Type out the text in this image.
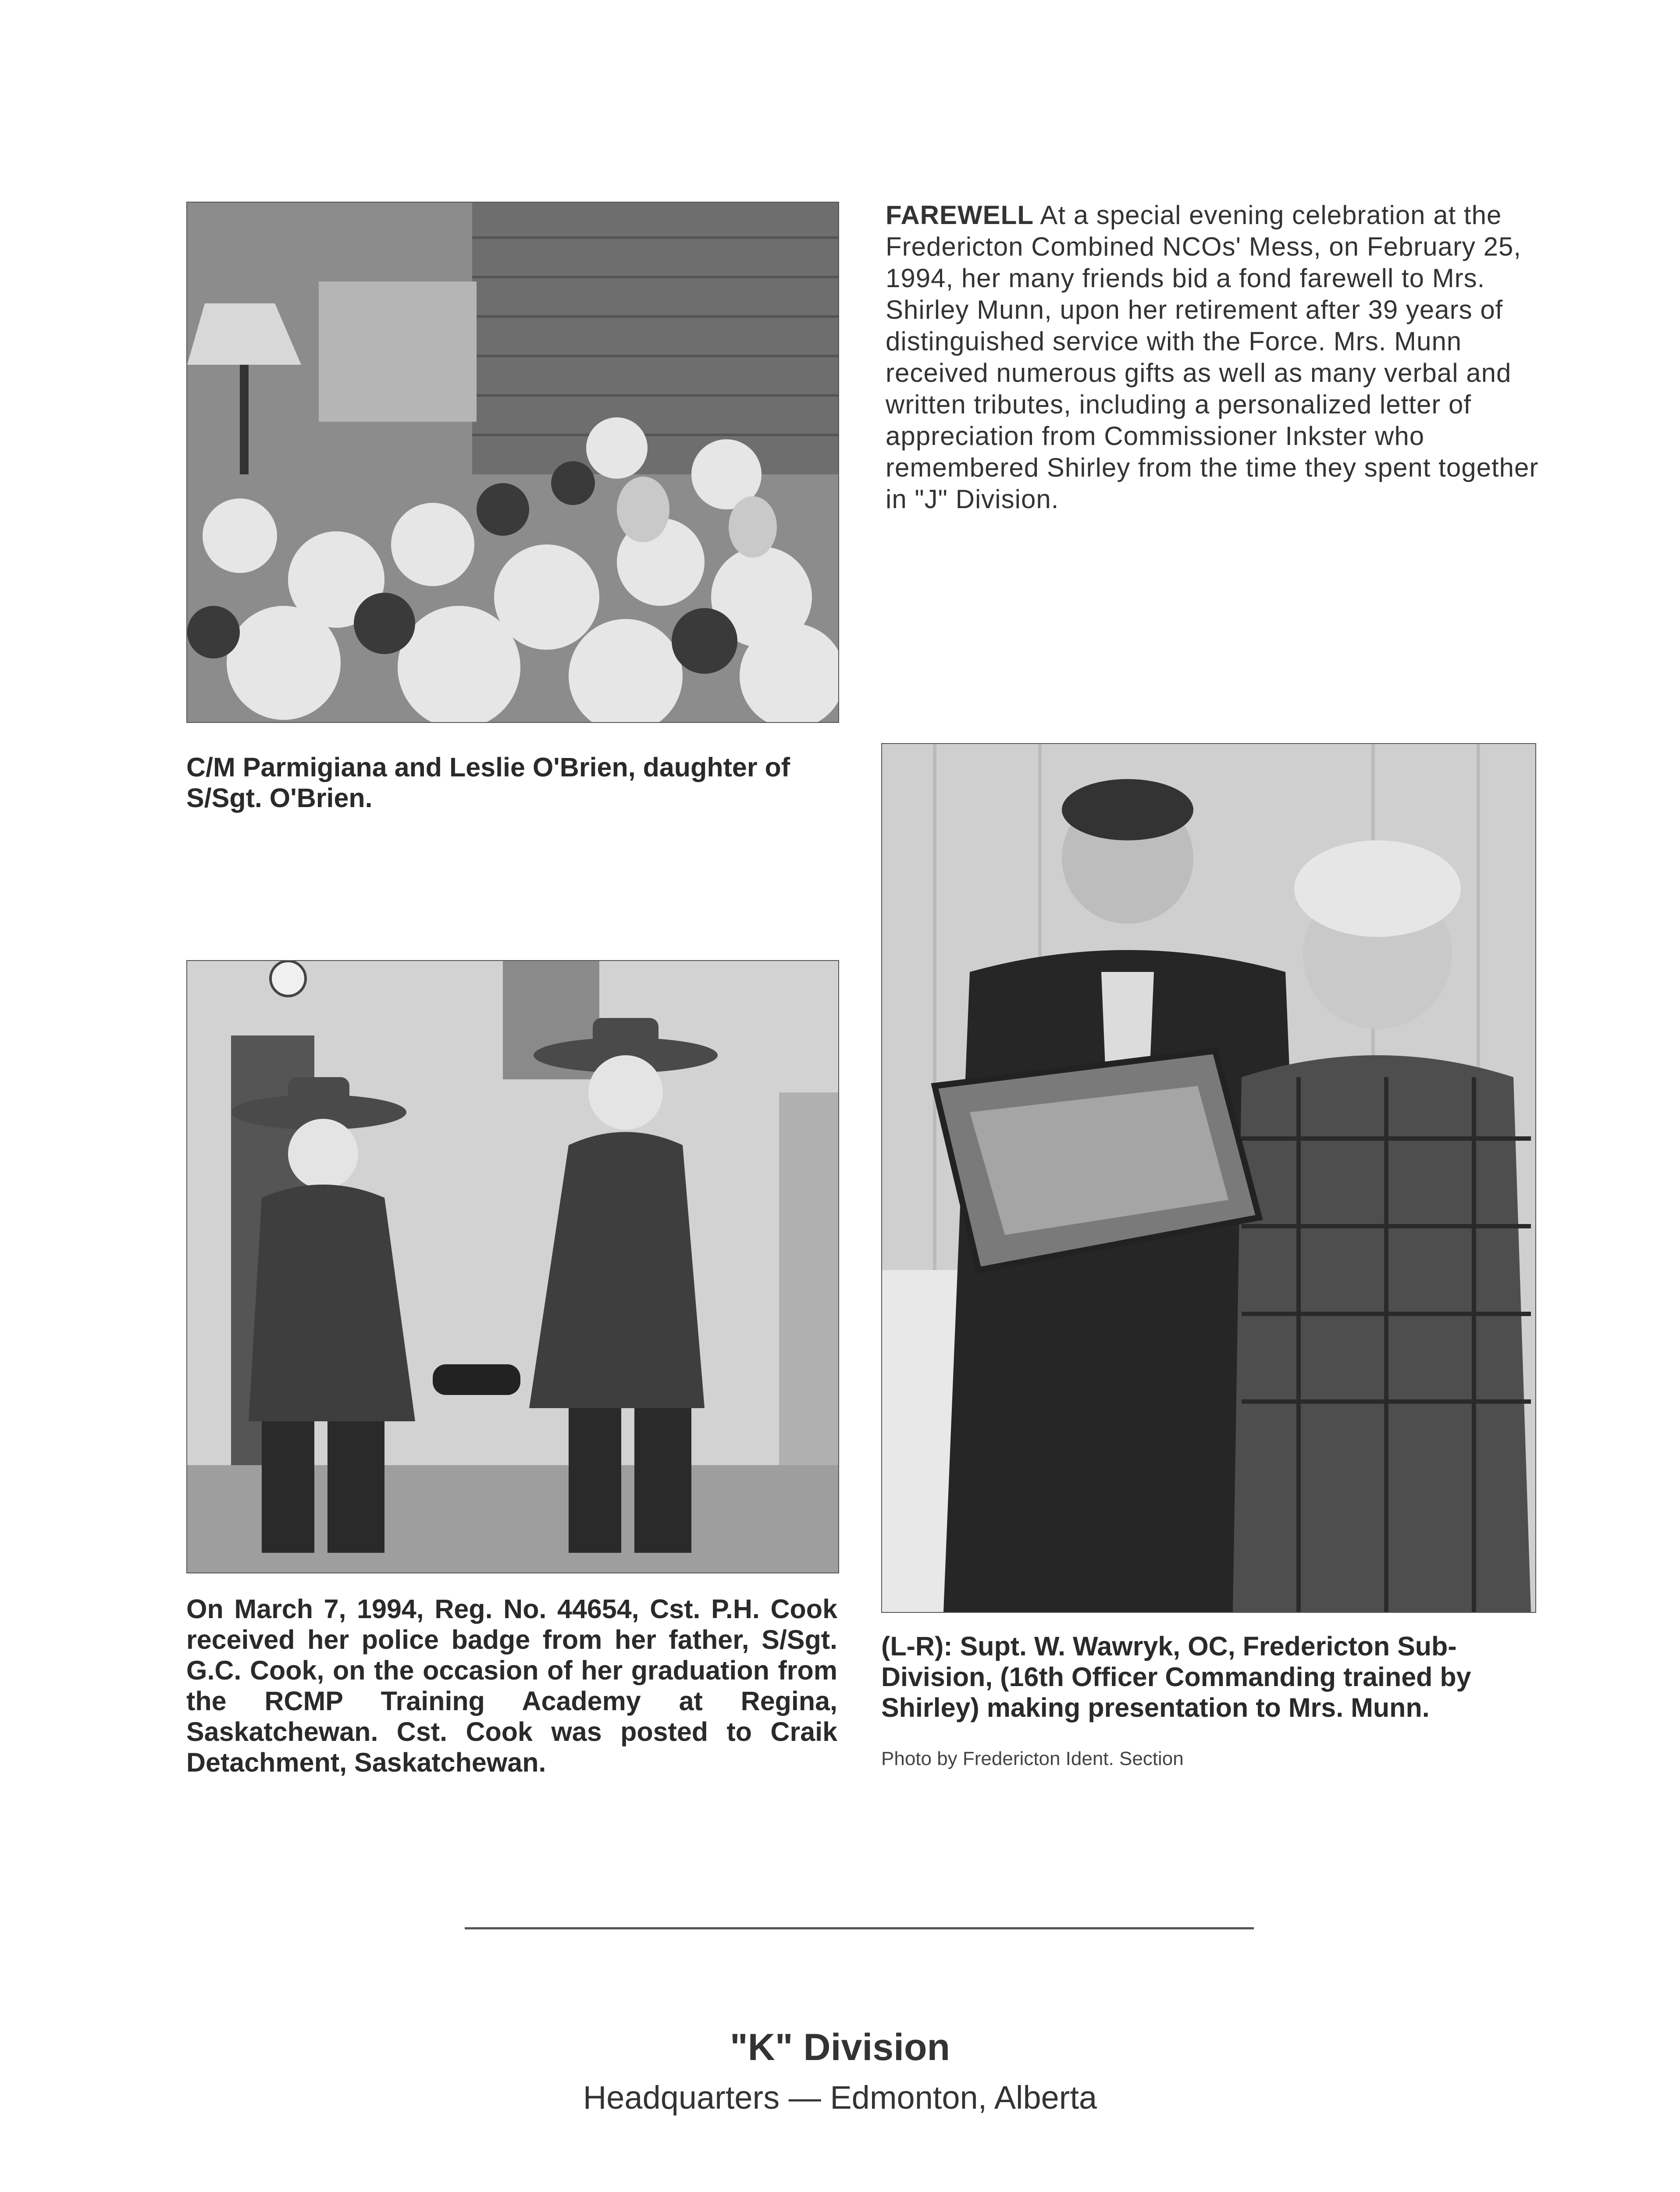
FAREWELL At a special evening celebration at the Fredericton Combined NCOs' Mess, on February 25, 1994, her many friends bid a fond farewell to Mrs. Shirley Munn, upon her retirement after 39 years of distinguished service with the Force. Mrs. Munn received numerous gifts as well as many verbal and written tributes, including a personalized letter of appreciation from Commissioner Inkster who remembered Shirley from the time they spent together in "J" Division.
C/M Parmigiana and Leslie O'Brien, daughter of S/Sgt. O'Brien.
On March 7, 1994, Reg. No. 44654, Cst. P.H. Cook received her police badge from her father, S/Sgt. G.C. Cook, on the occasion of her graduation from the RCMP Training Academy at Regina, Saskatchewan. Cst. Cook was posted to Craik Detachment, Saskatchewan.
(L-R): Supt. W. Wawryk, OC, Fredericton Sub-Division, (16th Officer Commanding trained by Shirley) making presentation to Mrs. Munn.
Photo by Fredericton Ident. Section
"K" Division
Headquarters — Edmonton, Alberta
